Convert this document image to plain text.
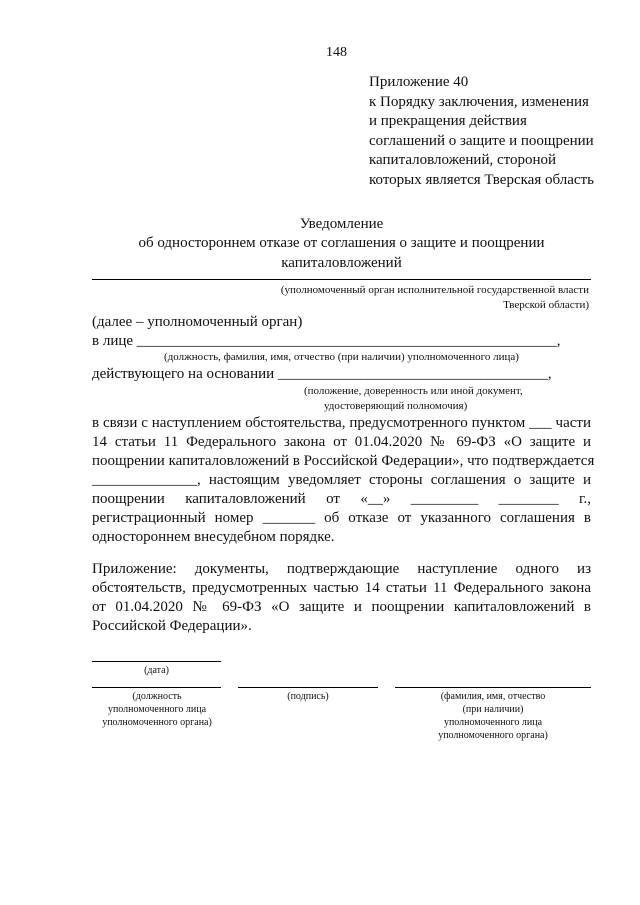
148
Приложение 40
к Порядку заключения, изменения
и прекращения действия
соглашений о защите и поощрении
капиталовложений, стороной
которых является Тверская область
Уведомление
об одностороннем отказе от соглашения о защите и поощрении
капиталовложений
(уполномоченный орган исполнительной государственной власти
Тверской области)
(далее – уполномоченный орган)
в лице ________________________________________________________,
(должность, фамилия, имя, отчество (при наличии) уполномоченного лица)
действующего на основании ____________________________________,
(положение, доверенность или иной документ,
удостоверяющий полномочия)
в связи с наступлением обстоятельства, предусмотренного пунктом ___ части
14 статьи 11 Федерального закона от 01.04.2020 № 69-ФЗ «О защите и
поощрении капиталовложений в Российской Федерации», что подтверждается
______________, настоящим уведомляет стороны соглашения о защите и
поощрении капиталовложений от «__» _________ ________ г.,
регистрационный номер _______ об отказе от указанного соглашения в
одностороннем внесудебном порядке.
Приложение: документы, подтверждающие наступление одного из
обстоятельств, предусмотренных частью 14 статьи 11 Федерального закона
от 01.04.2020 № 69-ФЗ «О защите и поощрении капиталовложений в
Российской Федерации».
(дата)
(должность
уполномоченного лица
уполномоченного органа)
(подпись)	(фамилия, имя, отчество
(при наличии)
уполномоченного лица
уполномоченного органа)
